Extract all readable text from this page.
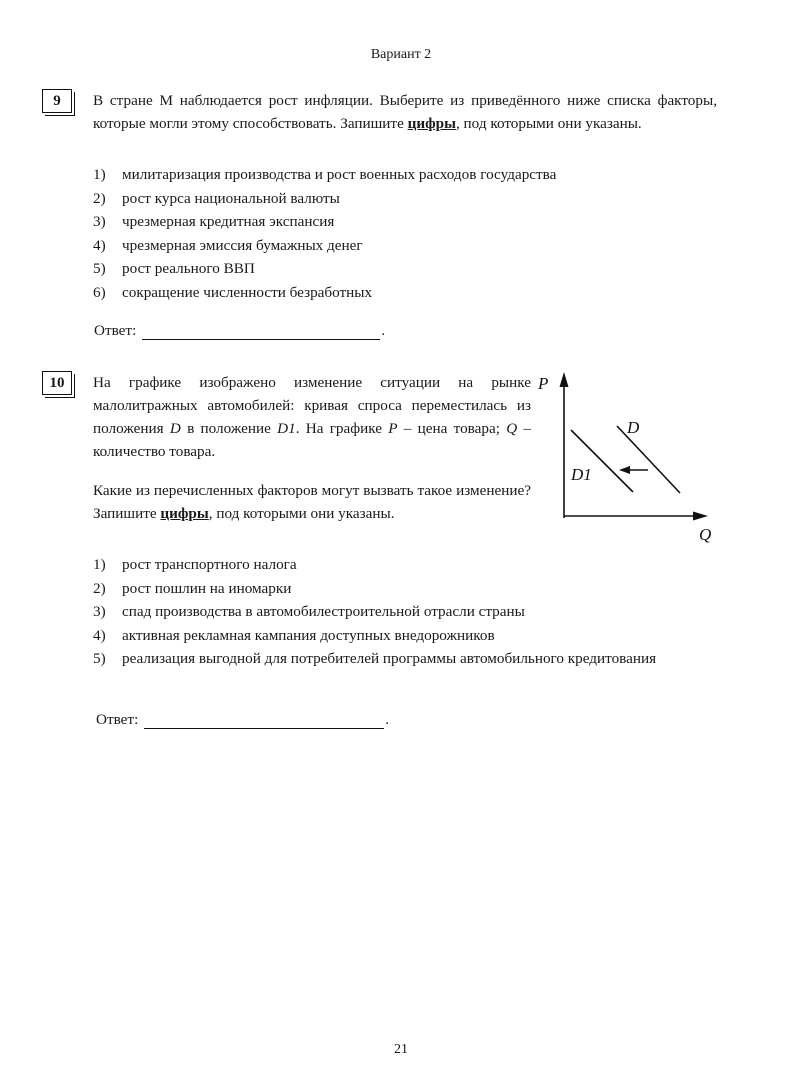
Вариант 2
9	В стране М наблюдается рост инфляции. Выберите из приведённого ниже списка факторы, которые могли этому способствовать. Запишите цифры, под которыми они указаны.
1)	милитаризация производства и рост военных расходов государства
2)	рост курса национальной валюты
3)	чрезмерная кредитная экспансия
4)	чрезмерная эмиссия бумажных денег
5)	рост реального ВВП
6)	сокращение численности безработных
Ответ:	.
10	На графике изображено изменение ситуации на рынке малолитражных автомобилей: кривая спроса переместилась из положения D в положение D1. На графике P – цена товара; Q – количество товара.
Какие из перечисленных факторов могут вызвать такое изменение? Запишите цифры, под которыми они указаны.
P
Q
D
D1
1)	рост транспортного налога
2)	рост пошлин на иномарки
3)	спад производства в автомобилестроительной отрасли страны
4)	активная рекламная кампания доступных внедорожников
5)	реализация выгодной для потребителей программы автомобильного кредитования
Ответ:	.
21
